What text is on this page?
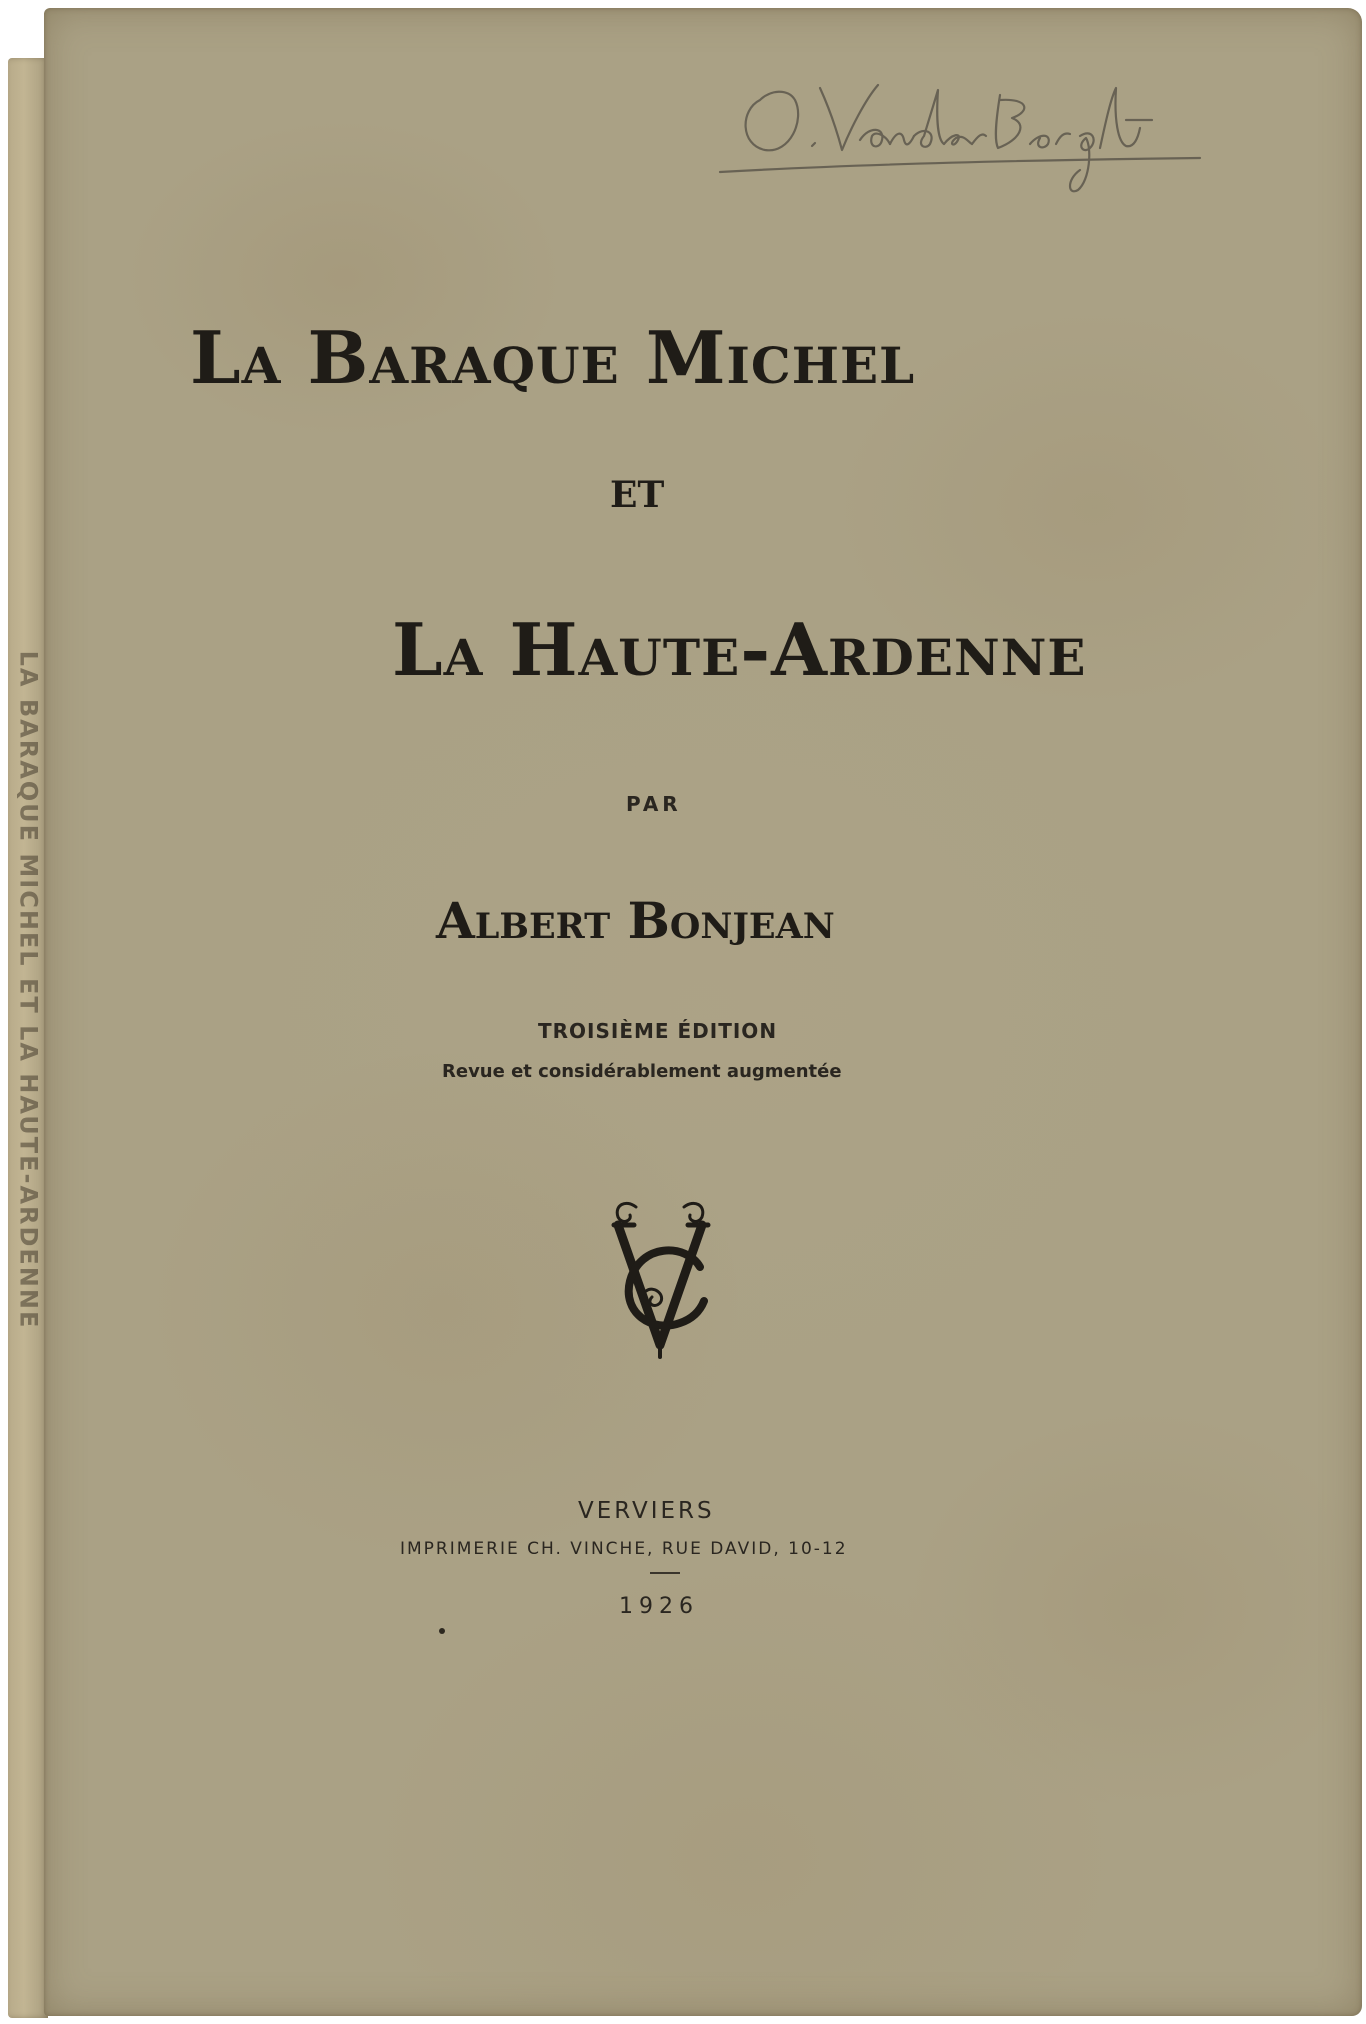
LA BARAQUE MICHEL ET LA HAUTE-ARDENNE
La Baraque Michel
ET
La Haute-Ardenne
PAR
Albert Bonjean
TROISIÈME ÉDITION
Revue et considérablement augmentée
VERVIERS
IMPRIMERIE CH. VINCHE, RUE DAVID, 10-12
1926
